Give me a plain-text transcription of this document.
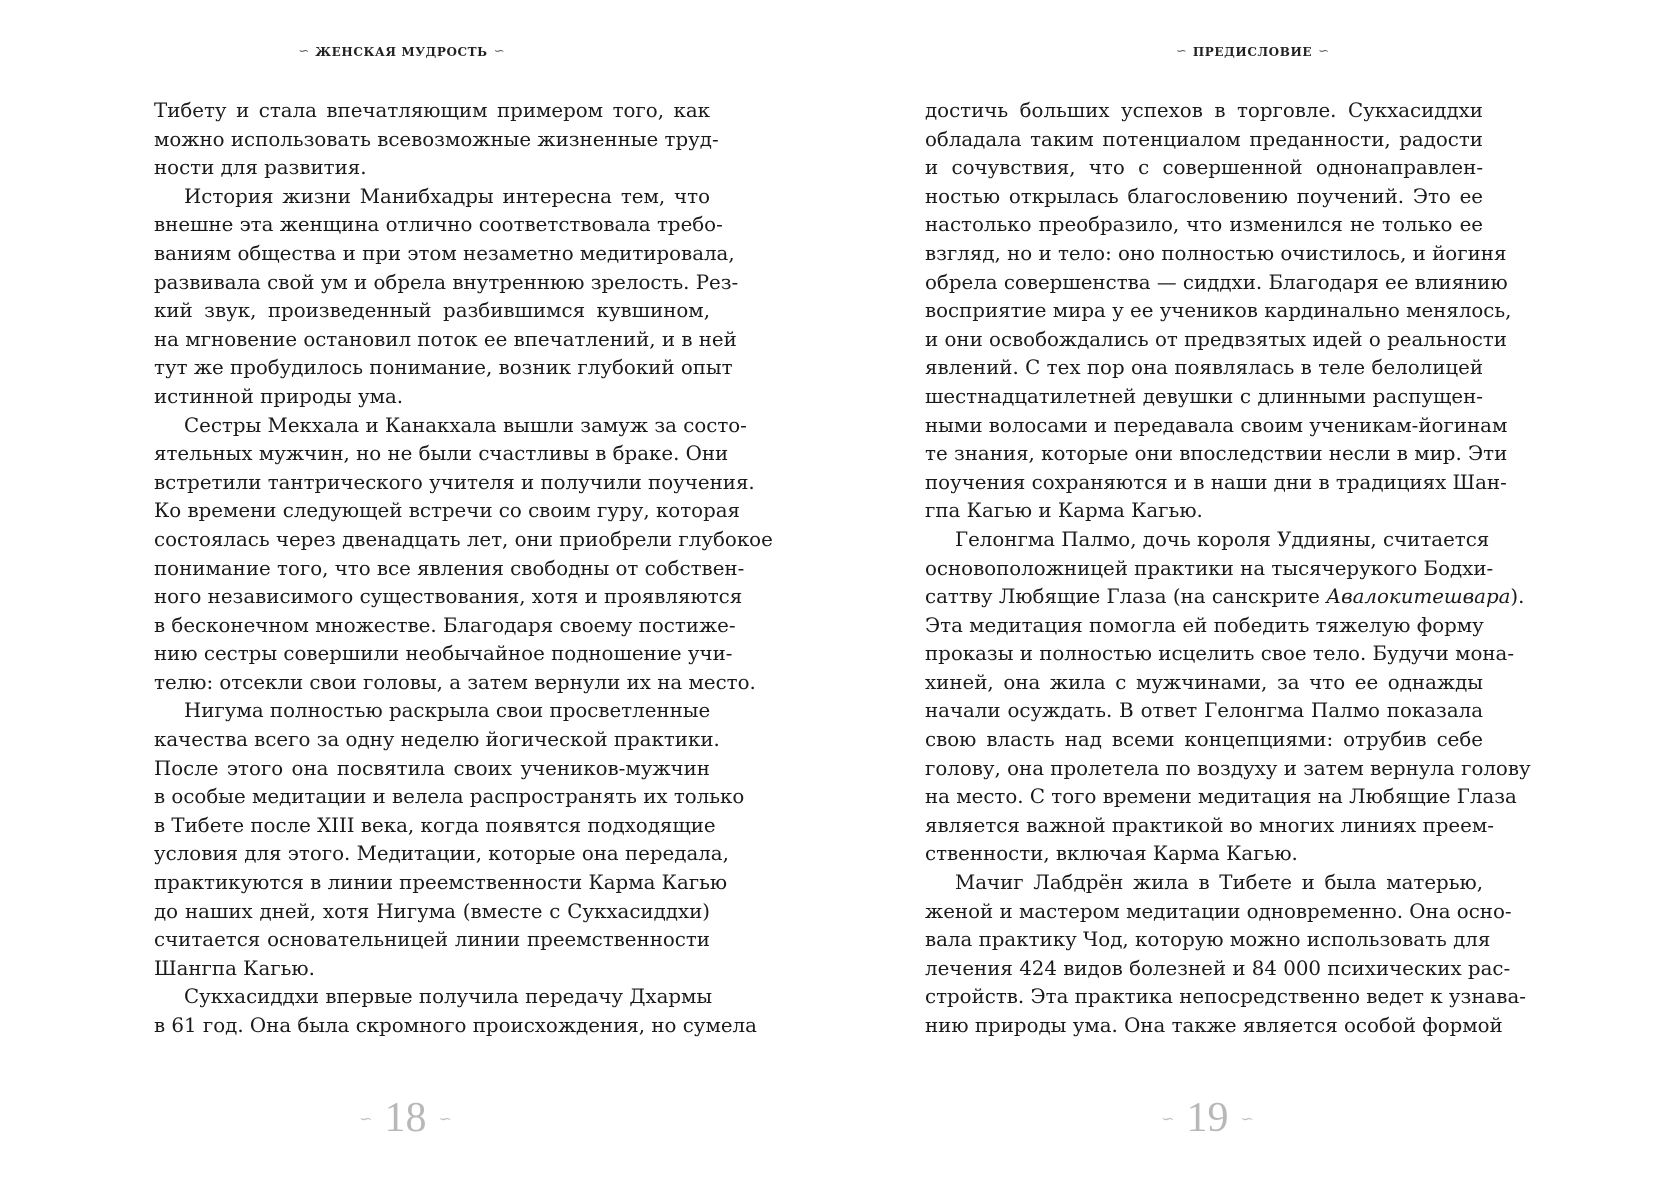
∽ ЖЕНСКАЯ МУДРОСТЬ ∽

Тибету и стала впечатляющим примером того, как
можно использовать всевозможные жизненные труд-
ности для развития.

История жизни Манибхадры интересна тем, что
внешне эта женщина отлично соответствовала требо-
ваниям общества и при этом незаметно медитировала,
развивала свой ум и обрела внутреннюю зрелость. Рез-
кий звук, произведенный разбившимся кувшином,
на мгновение остановил поток ее впечатлений, и в ней
тут же пробудилось понимание, возник глубокий опыт
истинной природы ума.

Сестры Мекхала и Канакхала вышли замуж за состо-
ятельных мужчин, но не были счастливы в браке. Они
встретили тантрического учителя и получили поучения.
Ко времени следующей встречи со своим гуру, которая
состоялась через двенадцать лет, они приобрели глубокое
понимание того, что все явления свободны от собствен-
ного независимого существования, хотя и проявляются
в бесконечном множестве. Благодаря своему постиже-
нию сестры совершили необычайное подношение учи-
телю: отсекли свои головы, а затем вернули их на место.

Нигума полностью раскрыла свои просветленные
качества всего за одну неделю йогической практики.
После этого она посвятила своих учеников-мужчин
в особые медитации и велела распространять их только
в Тибете после XIII века, когда появятся подходящие
условия для этого. Медитации, которые она передала,
практикуются в линии преемственности Карма Кагью
до наших дней, хотя Нигума (вместе с Сукхасиддхи)
считается основательницей линии преемственности
Шангпа Кагью.

Сукхасиддхи впервые получила передачу Дхармы
в 61 год. Она была скромного происхождения, но сумела

∽ 18 ∽
∽ ПРЕДИСЛОВИЕ ∽

достичь больших успехов в торговле. Сукхасиддхи
обладала таким потенциалом преданности, радости
и сочувствия, что с совершенной однонаправлен-
ностью открылась благословению поучений. Это ее
настолько преобразило, что изменился не только ее
взгляд, но и тело: оно полностью очистилось, и йогиня
обрела совершенства — сиддхи. Благодаря ее влиянию
восприятие мира у ее учеников кардинально менялось,
и они освобождались от предвзятых идей о реальности
явлений. С тех пор она появлялась в теле белолицей
шестнадцатилетней девушки с длинными распущен-
ными волосами и передавала своим ученикам-йогинам
те знания, которые они впоследствии несли в мир. Эти
поучения сохраняются и в наши дни в традициях Шан-
гпа Кагью и Карма Кагью.

Гелонгма Палмо, дочь короля Уддияны, считается
основоположницей практики на тысячерукого Бодхи-
саттву Любящие Глаза (на санскрите Авалокитешвара).
Эта медитация помогла ей победить тяжелую форму
проказы и полностью исцелить свое тело. Будучи мона-
хиней, она жила с мужчинами, за что ее однажды
начали осуждать. В ответ Гелонгма Палмо показала
свою власть над всеми концепциями: отрубив себе
голову, она пролетела по воздуху и затем вернула голову
на место. С того времени медитация на Любящие Глаза
является важной практикой во многих линиях преем-
ственности, включая Карма Кагью.

Мачиг Лабдрён жила в Тибете и была матерью,
женой и мастером медитации одновременно. Она осно-
вала практику Чод, которую можно использовать для
лечения 424 видов болезней и 84 000 психических рас-
стройств. Эта практика непосредственно ведет к узнава-
нию природы ума. Она также является особой формой

∽ 19 ∽
